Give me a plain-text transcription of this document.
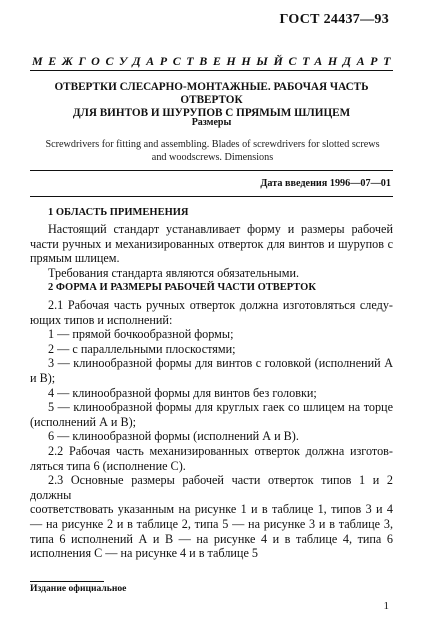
ГОСТ 24437—93
МЕЖГОСУДАРСТВЕННЫЙ СТАНДАРТ
ОТВЕРТКИ СЛЕСАРНО-МОНТАЖНЫЕ. РАБОЧАЯ ЧАСТЬ ОТВЕРТОК
ДЛЯ ВИНТОВ И ШУРУПОВ С ПРЯМЫМ ШЛИЦЕМ
Размеры
Screwdrivers for fitting and assembling. Blades of screwdrivers for slotted screws
and woodscrews. Dimensions
Дата введения 1996—07—01
1 ОБЛАСТЬ ПРИМЕНЕНИЯ
Настоящий стандарт устанавливает форму и размеры рабочей
части ручных и механизированных отверток для винтов и шурупов с
прямым шлицем.
Требования стандарта являются обязательными.
2 ФОРМА И РАЗМЕРЫ РАБОЧЕЙ ЧАСТИ ОТВЕРТОК
2.1 Рабочая часть ручных отверток должна изготовляться следу-
ющих типов и исполнений:
1 — прямой бочкообразной формы;
2 — с параллельными плоскостями;
3 — клинообразной формы для винтов с головкой (исполнений А
и В);
4 — клинообразной формы для винтов без головки;
5 — клинообразной формы для круглых гаек со шлицем на торце
(исполнений А и В);
6 — клинообразной формы (исполнений А и В).
2.2 Рабочая часть механизированных отверток должна изготов-
ляться типа 6 (исполнение С).
2.3 Основные размеры рабочей части отверток типов 1 и 2 должны
соответствовать указанным на рисунке 1 и в таблице 1, типов 3 и 4
— на рисунке 2 и в таблице 2, типа 5 — на рисунке 3 и в таблице 3,
типа 6 исполнений А и В — на рисунке 4 и в таблице 4, типа 6
исполнения С — на рисунке 4 и в таблице 5
Издание официальное
1
